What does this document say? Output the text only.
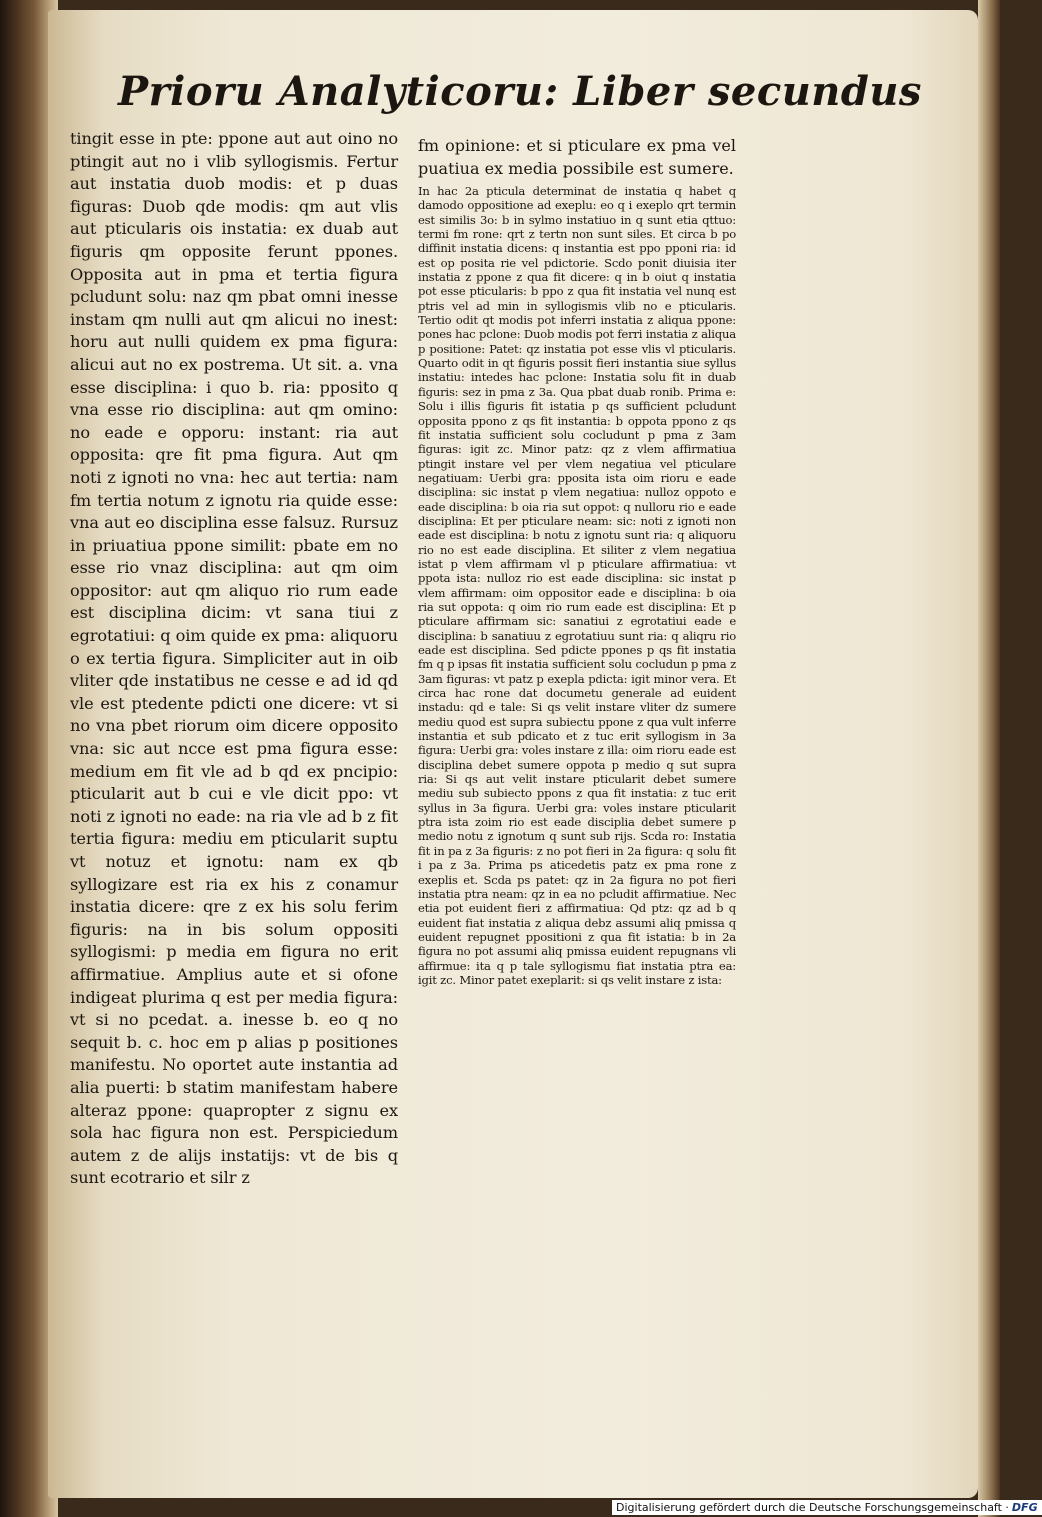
Prioru Analyticoru: Liber secundus

tingit esse in pte: ppone aut aut oino no ptingit aut no i vlib syllogismis. Fertur aut instatia duob modis: et p duas figuras: Duob qde modis: qm aut vlis aut pticularis ois instatia: ex duab aut figuris qm opposite ferunt ppones. Opposita aut in pma et tertia figura pcludunt solu: naz qm pbat omni inesse instam qm nulli aut qm alicui no inest: horu aut nulli quidem ex pma figura: alicui aut no ex postrema. Ut sit. a. vna esse disciplina: i quo b. ria: pposito q vna esse rio disciplina: aut qm omino: no eade e opporu: instant: ria aut opposita: qre fit pma figura. Aut qm noti z ignoti no vna: hec aut tertia: nam fm tertia notum z ignotu ria quide esse: vna aut eo disciplina esse falsuz. Rursuz in priuatiua ppone similit: pbate em no esse rio vnaz disciplina: aut qm oim oppositor: aut qm aliquo rio rum eade est disciplina dicim: vt sana tiui z egrotatiui: q oim quide ex pma: aliquoru o ex tertia figura. Simpliciter aut in oib vliter qde instatibus ne cesse e ad id qd vle est ptedente pdicti one dicere: vt si no vna pbet riorum oim dicere opposito vna: sic aut ncce est pma figura esse: medium em fit vle ad b qd ex pncipio: pticularit aut b cui e vle dicit ppo: vt noti z ignoti no eade: na ria vle ad b z fit tertia figura: mediu em pticularit suptu vt notuz et ignotu: nam ex qb syllogizare est ria ex his z conamur instatia dicere: qre z ex his solu ferim figuris: na in bis solum oppositi syllogismi: p media em figura no erit affirmatiue. Amplius aute et si ofone indigeat plurima q est per media figura: vt si no pcedat. a. inesse b. eo q no sequit b. c. hoc em p alias p positiones manifestu. No oportet aute instantia ad alia puerti: b statim manifestam habere alteraz ppone: quapropter z signu ex sola hac figura non est. Perspiciedum autem z de alijs instatijs: vt de bis q sunt ecotrario et silr z

fm opinione: et si pticulare ex pma vel puatiua ex media possibile est sumere.

In hac 2a pticula determinat de instatia q habet q damodo oppositione ad exeplu: eo q i exeplo qrt termin est similis 3o: b in sylmo instatiuo in q sunt etia qttuo: termi fm rone: qrt z tertn non sunt siles. Et circa b po diffinit instatia dicens: q instantia est ppo pponi ria: id est op posita rie vel pdictorie. Scdo ponit diuisia iter instatia z ppone z qua fit dicere: q in b oiut q instatia pot esse pticularis: b ppo z qua fit instatia vel nunq est ptris vel ad min in syllogismis vlib no e pticularis. Tertio odit qt modis pot inferri instatia z aliqua ppone: pones hac pclone: Duob modis pot ferri instatia z aliqua p positione: Patet: qz instatia pot esse vlis vl pticularis. Quarto odit in qt figuris possit fieri instantia siue syllus instatiu: intedes hac pclone: Instatia solu fit in duab figuris: sez in pma z 3a. Qua pbat duab ronib. Prima e: Solu i illis figuris fit istatia p qs sufficient pcludunt opposita ppono z qs fit instantia: b oppota ppono z qs fit instatia sufficient solu cocludunt p pma z 3am figuras: igit zc. Minor patz: qz z vlem affirmatiua ptingit instare vel per vlem negatiua vel pticulare negatiuam: Uerbi gra: pposita ista oim rioru e eade disciplina: sic instat p vlem negatiua: nulloz oppoto e eade disciplina: b oia ria sut oppot: q nulloru rio e eade disciplina: Et per pticulare neam: sic: noti z ignoti non eade est disciplina: b notu z ignotu sunt ria: q aliquoru rio no est eade disciplina. Et siliter z vlem negatiua istat p vlem affirmam vl p pticulare affirmatiua: vt ppota ista: nulloz rio est eade disciplina: sic instat p vlem affirmam: oim oppositor eade e disciplina: b oia ria sut oppota: q oim rio rum eade est disciplina: Et p pticulare affirmam sic: sanatiui z egrotatiui eade e disciplina: b sanatiuu z egrotatiuu sunt ria: q aliqru rio eade est disciplina. Sed pdicte ppones p qs fit instatia fm q p ipsas fit instatia sufficient solu cocludun p pma z 3am figuras: vt patz p exepla pdicta: igit minor vera. Et circa hac rone dat documetu generale ad euident instadu: qd e tale: Si qs velit instare vliter dz sumere mediu quod est supra subiectu ppone z qua vult inferre instantia et sub pdicato et z tuc erit syllogism in 3a figura: Uerbi gra: voles instare z illa: oim rioru eade est disciplina debet sumere oppota p medio q sut supra ria: Si qs aut velit instare pticularit debet sumere mediu sub subiecto ppons z qua fit instatia: z tuc erit syllus in 3a figura. Uerbi gra: voles instare pticularit ptra ista zoim rio est eade disciplia debet sumere p medio notu z ignotum q sunt sub rijs. Scda ro: Instatia fit in pa z 3a figuris: z no pot fieri in 2a figura: q solu fit i pa z 3a. Prima ps aticedetis patz ex pma rone z exeplis et. Scda ps patet: qz in 2a figura no pot fieri instatia ptra neam: qz in ea no pcludit affirmatiue. Nec etia pot euident fieri z affirmatiua: Qd ptz: qz ad b q euident fiat instatia z aliqua debz assumi aliq pmissa q euident repugnet ppositioni z qua fit istatia: b in 2a figura no pot assumi aliq pmissa euident repugnans vli affirmue: ita q p tale syllogismu fiat instatia ptra ea: igit zc. Minor patet exeplarit: si qs velit instare z ista:

Digitalisierung gefördert durch die Deutsche Forschungsgemeinschaft · DFG
